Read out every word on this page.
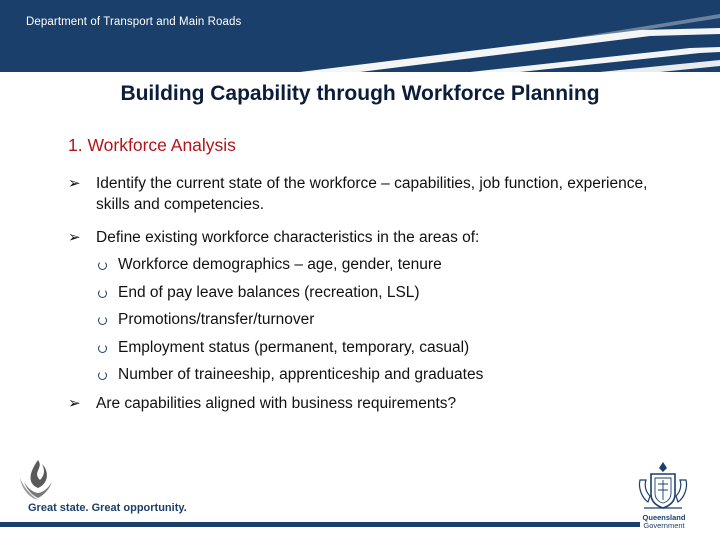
Department of Transport and Main Roads
Building Capability through Workforce Planning
1. Workforce Analysis
➢ Identify the current state of the workforce – capabilities, job function, experience, skills and competencies.
➢ Define existing workforce characteristics in the areas of:
Workforce demographics – age, gender, tenure
End of pay leave balances (recreation, LSL)
Promotions/transfer/turnover
Employment status (permanent, temporary, casual)
Number of traineeship, apprenticeship and graduates
➢ Are capabilities aligned with business requirements?
Great state. Great opportunity.
Queensland
Government
